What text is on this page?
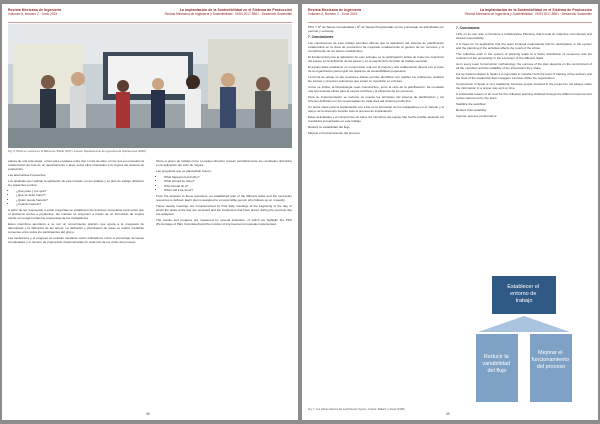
Revista Mexicana de Ingeniería
Volumen 5, Número 2 · Junio 2019
La implantación de la Sostenibilidad en el Sistema de Producción
Revista Mexicana de Ingeniería y Sostenibilidad · ISSN 2017-5561 · Desarrollo Sostenible
Fig. 6: Piloto en marcha en la fábrica de Toledo (2017). Fuente: Departamento de Ingeniería de Operaciones (2018).

planes de una sola etapa, o bien para el planes entre dos o más de ellos, en los que es necesario la colaboración de más de un departamento o área, todos ellos orientados a la mejora del sistema de producción.

Las alternativas Frecuentes.

Los analistas que realizan la aplicación de este método, en los análisis y su plan de trabajo utilizaron los siguientes puntos:

• ¿Qué pasó y por qué?
• ¿Qué se debe hacer?
• ¿Quién puede hacerlo?
• ¿Cuándo hacerlo?

A partir de las respuestas a estas preguntas se establecen las acciones necesarias para evitar que el problema vuelva a producirse, las mismas se proponen a través de un formulario de mejora donde se recogen todas las propuestas de los trabajadores.

Estos miembros aportaron a su vez un conocimiento práctico que ayuda a la propuesta de alternativas y la definición de las tareas. La definición y priorización de ideas se realizó mediante consenso entre todos los participantes del grupo.

Las mediciones y el progreso se evalúan mediante varios indicadores como el porcentaje de tareas completadas y el número de propuestas implementadas en cada uno de los ciclos del proceso.

Tanto el grupo de trabajo como el equipo directivo revisan periódicamente los resultados obtenidos en la aplicación del ciclo de mejora.

Las preguntas que se planteaban fueron:

• What happened and why?
• What should be done?
• Who should do it?
• When will it be done?

From the answers to these questions, an established plan of the different tasks and the necessary resources is defined. Each plan is assigned to a responsible person who follows up on it weekly.

These weekly meetings are complemented by brief daily meetings at the beginning of the day, in which the tasks of the day are reviewed and the incidences that have arisen during the previous day are analysed.

The results and progress are measured by several indicators, of which we highlight the PPC (Percentage of Plan Completed) and the number of improvement proposals implemented.

48
Revista Mexicana de Ingeniería
Volumen 5, Número 2 · Junio 2019
La implantación de la Sostenibilidad en el Sistema de Producción
Revista Mexicana de Ingeniería y Sostenibilidad · ISSN 2017-5561 · Desarrollo Sostenible

PPC = Nº de Tareas Completadas / Nº de Tareas Programadas (como porcentaje de actividades por período y semana).

7. Conclusiones

Las conclusiones de este trabajo permiten afirmar que la aplicación del sistema de planificación colaborativa en la línea de producción ha mejorado notablemente la gestión de los recursos y el cumplimiento de los plazos establecidos.

El fundamental para la aplicación de este enfoque es la participación activa de todos los miembros del equipo en la definición de las tareas y en el seguimiento del plan de trabajo semanal.

El equipo debe establecer un compromiso real con la mejora y una colaboración directa con el resto de la organización para lograr los objetivos de sostenibilidad propuestos.

La forma de actuar en las reuniones diarias permite identificar con rapidez los problemas, analizar las causas y proponer soluciones que eviten su repetición en el futuro.

Como se indica, la Metodología Lean Construction, junto al ciclo de la planificación, ha resultado una herramienta eficaz para la mejora continua y la eficiencia de los procesos.

Para su implementación se tuvieron en cuenta los principios del sistema de planificación y los criterios definidos por los responsables de cada área del sistema productivo.

Un factor clave para la implantación con éxito es la formación de los trabajadores en el método y el apoyo de la dirección durante todo el proceso de implantación.

Estas actividades y el compromiso de todos los miembros del equipo han hecho posible alcanzar los resultados presentados en este trabajo.

Reducir la variabilidad del flujo.

Mejorar el funcionamiento del proceso.

7. Conclusions

LPS, on its own side, is therefore a Collaborative Planning, that is built on collective commitment and shared responsibility.

It is basic for its application that the team involved understands that its participation in the system and the planning of the activities affects the result of the whole.

The collective work in the system of planning leads to a better distribution of resources and the reduction of the uncertainty in the execution of the different tasks.

As in every Lean Construction methodology, the success of the plan depends on the commitment of all the members and the reliability of the information they share.

For its implementation in Spain it is important to consider both the level of training of the workers and the level of the leadership that managers exercise within the organization.

Construction in Spain is very traditional, because people involved in the project do not always share the information in a proper way and on time.

A substantial reason of all must be the collective learning obtained through the different improvement cycles carried out by the team.

Stabilize the workflow.

Reduce flow variability.

Improve process performance.

Establecer el entorno de trabajo
Reducir la variabilidad del flujo
Mejorar el funcionamiento del proceso
Fig. 7: Los pilares básicos del Last Planner System. Fuente: Ballard y Howell (1998).
49
